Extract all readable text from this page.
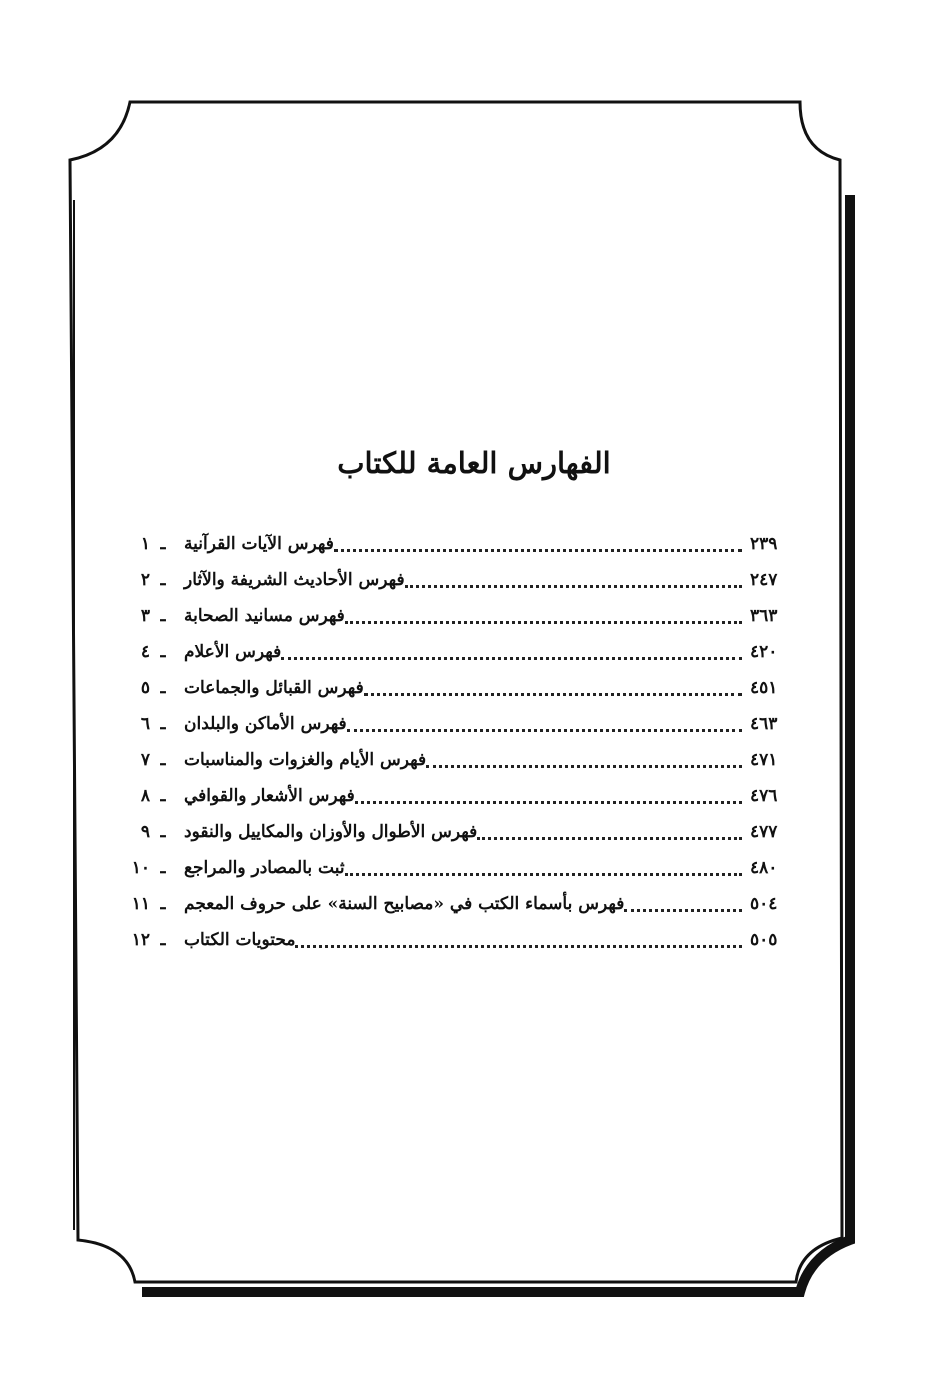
الفهارس العامة للكتاب
١ ـ	فهرس الآيات القرآنية	٢٣٩
٢ ـ	فهرس الأحاديث الشريفة والآثار	٢٤٧
٣ ـ	فهرس مسانيد الصحابة	٣٦٣
٤ ـ	فهرس الأعلام	٤٢٠
٥ ـ	فهرس القبائل والجماعات	٤٥١
٦ ـ	فهرس الأماكن والبلدان	٤٦٣
٧ ـ	فهرس الأيام والغزوات والمناسبات	٤٧١
٨ ـ	فهرس الأشعار والقوافي	٤٧٦
٩ ـ	فهرس الأطوال والأوزان والمكاييل والنقود	٤٧٧
١٠ ـ	ثبت بالمصادر والمراجع	٤٨٠
١١ ـ	فهرس بأسماء الكتب في «مصابيح السنة» على حروف المعجم	٥٠٤
١٢ ـ	محتويات الكتاب	٥٠٥
